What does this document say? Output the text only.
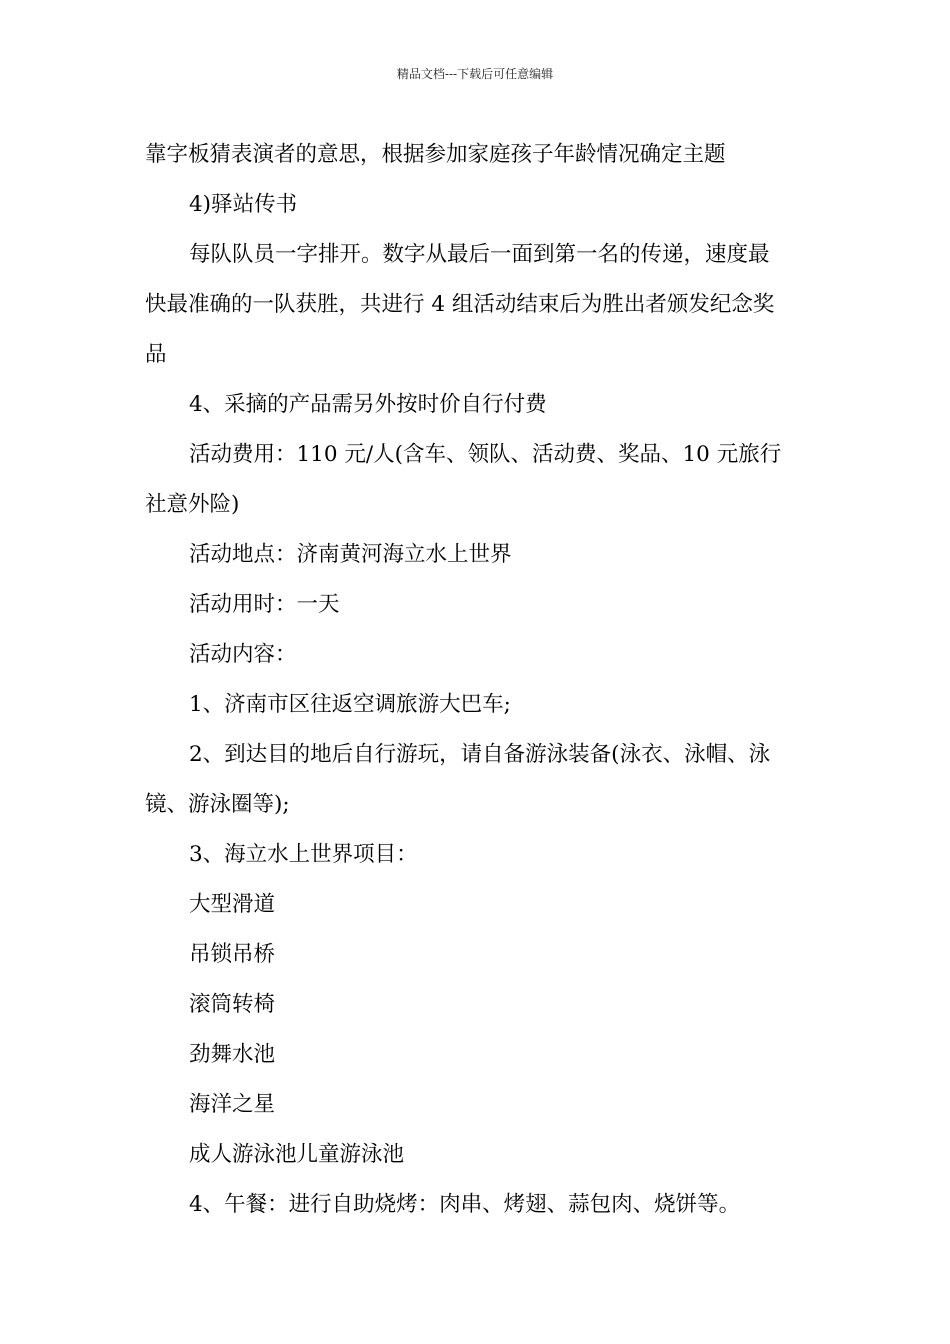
精品文档---下载后可任意编辑

靠字板猜表演者的意思，根据参加家庭孩子年龄情况确定主题

4)驿站传书

每队队员一字排开。数字从最后一面到第一名的传递，速度最

快最准确的一队获胜，共进行 4 组活动结束后为胜出者颁发纪念奖

品

4、采摘的产品需另外按时价自行付费

活动费用：110 元/人(含车、领队、活动费、奖品、10 元旅行

社意外险)

活动地点：济南黄河海立水上世界

活动用时：一天

活动内容：

1、济南市区往返空调旅游大巴车;

2、到达目的地后自行游玩，请自备游泳装备(泳衣、泳帽、泳

镜、游泳圈等);

3、海立水上世界项目：

大型滑道

吊锁吊桥

滚筒转椅

劲舞水池

海洋之星

成人游泳池儿童游泳池

4、午餐：进行自助烧烤：肉串、烤翅、蒜包肉、烧饼等。
